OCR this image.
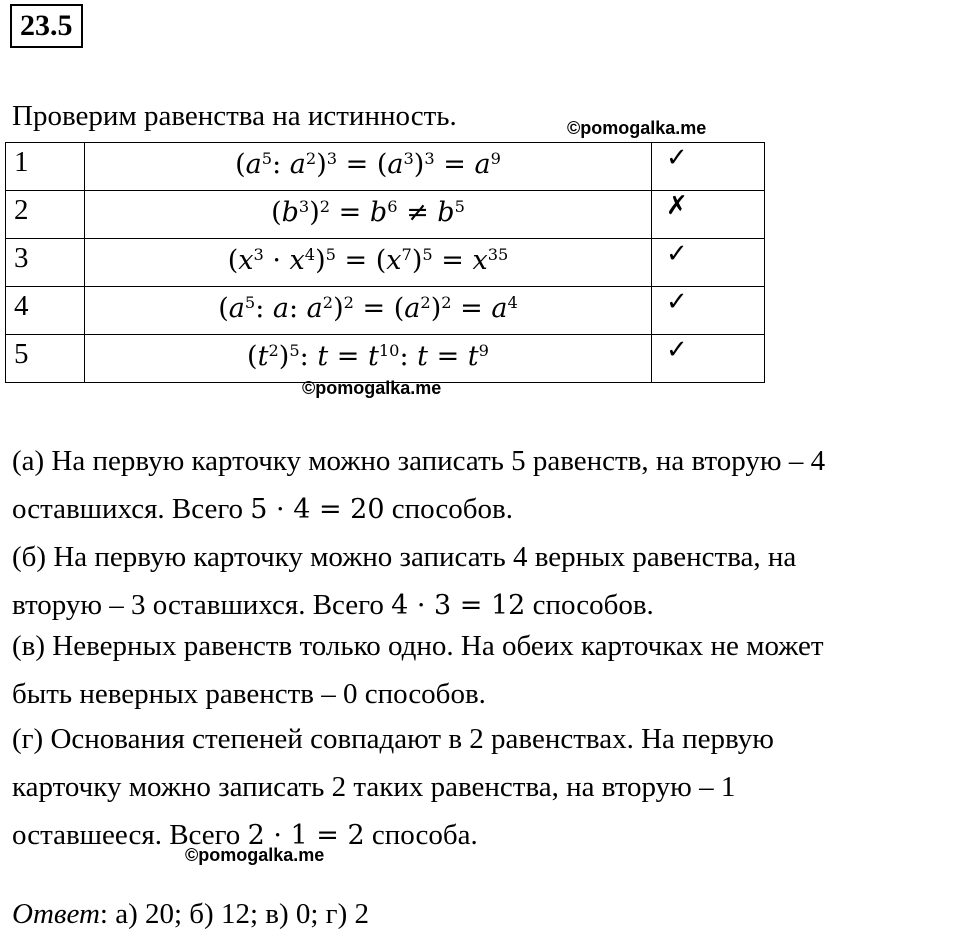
23.5
Проверим равенства на истинность.	©pomogalka.me
1	($a^5$: $a^2)^3 = (a^3)^3 = a^9$	✓
2	$(b^3)^2 = b^6 \ne b^5$	✗
3	$(x^3 \cdot x^4)^5 = (x^7)^5 = x^{35}$	✓
4	($a^5$: a: $a^2)^2 = (a^2)^2 = a^4$	✓
5	$(t^2)^5$: $t = t^{10}$: $t = t^9$	✓
©pomogalka.me
(а) На первую карточку можно записать 5 равенств, на вторую – 4
оставшихся. Всего 5 · 4 = 20 способов.
(б) На первую карточку можно записать 4 верных равенства, на
вторую – 3 оставшихся. Всего 4 · 3 = 12 способов.
(в) Неверных равенств только одно. На обеих карточках не может
быть неверных равенств – 0 способов.
(г) Основания степеней совпадают в 2 равенствах. На первую
карточку можно записать 2 таких равенства, на вторую – 1
оставшееся. Всего 2 · 1 = 2 способа.
©pomogalka.me
Ответ: а) 20; б) 12; в) 0; г) 2
